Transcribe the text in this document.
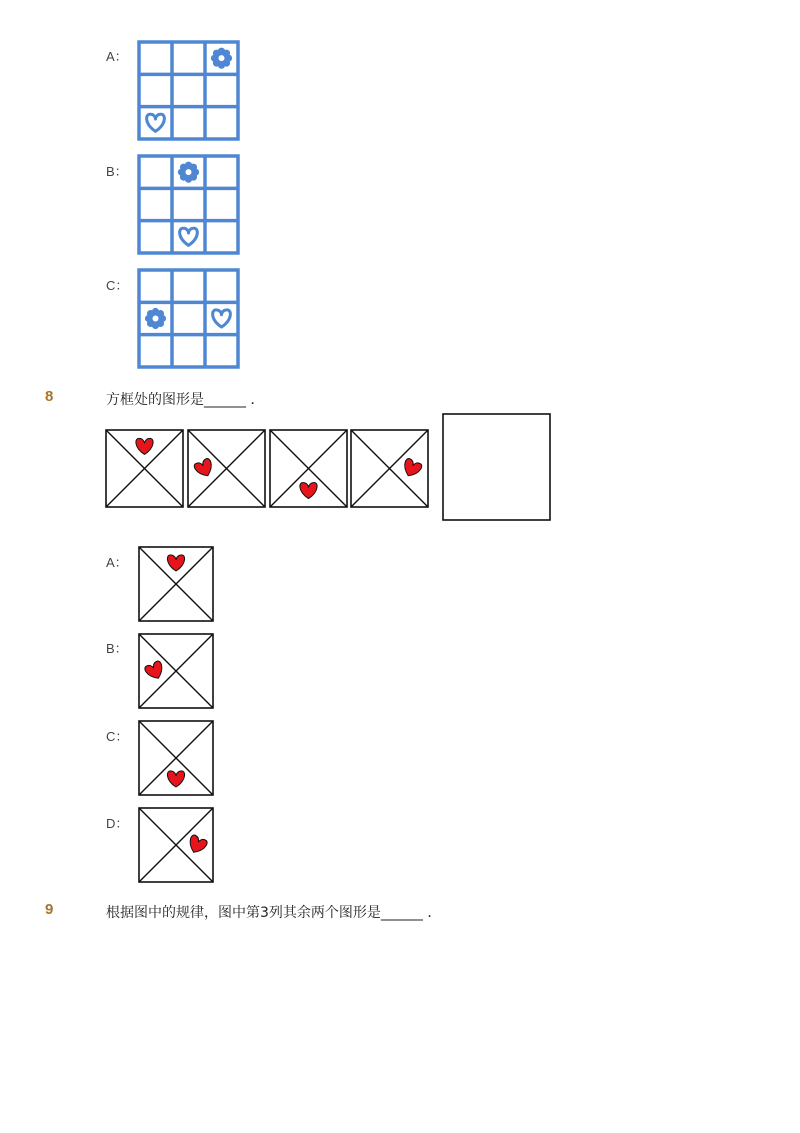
A：
B：
C：
8	方框处的图形是______ ．
A：
B：
C：
D：
9	根据图中的规律，图中第3列其余两个图形是______ ．
